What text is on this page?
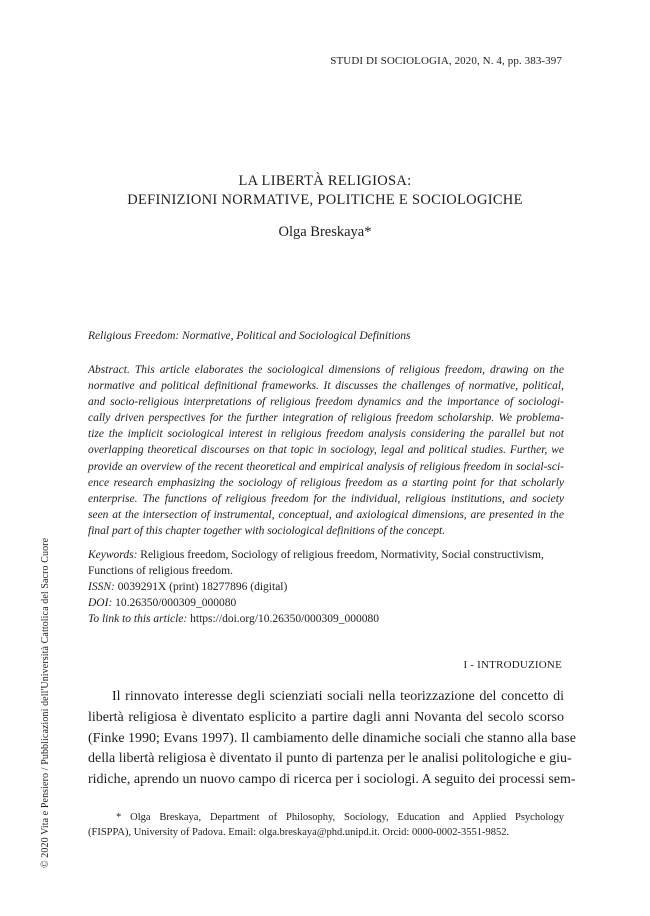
STUDI DI SOCIOLOGIA, 2020, N. 4, pp. 383-397
LA LIBERTÀ RELIGIOSA:
DEFINIZIONI NORMATIVE, POLITICHE E SOCIOLOGICHE
Olga Breskaya*
Religious Freedom: Normative, Political and Sociological Definitions
Abstract. This article elaborates the sociological dimensions of religious freedom, drawing on the
normative and political definitional frameworks. It discusses the challenges of normative, political,
and socio-religious interpretations of religious freedom dynamics and the importance of sociologi-
cally driven perspectives for the further integration of religious freedom scholarship. We problema-
tize the implicit sociological interest in religious freedom analysis considering the parallel but not
overlapping theoretical discourses on that topic in sociology, legal and political studies. Further, we
provide an overview of the recent theoretical and empirical analysis of religious freedom in social-sci-
ence research emphasizing the sociology of religious freedom as a starting point for that scholarly
enterprise. The functions of religious freedom for the individual, religious institutions, and society
seen at the intersection of instrumental, conceptual, and axiological dimensions, are presented in the
final part of this chapter together with sociological definitions of the concept.
Keywords: Religious freedom, Sociology of religious freedom, Normativity, Social constructivism,
Functions of religious freedom.
ISSN: 0039291X (print) 18277896 (digital)
DOI: 10.26350/000309_000080
To link to this article: https://doi.org/10.26350/000309_000080
I - INTRODUZIONE
Il rinnovato interesse degli scienziati sociali nella teorizzazione del concetto di
libertà religiosa è diventato esplicito a partire dagli anni Novanta del secolo scorso
(Finke 1990; Evans 1997). Il cambiamento delle dinamiche sociali che stanno alla base
della libertà religiosa è diventato il punto di partenza per le analisi politologiche e giu-
ridiche, aprendo un nuovo campo di ricerca per i sociologi. A seguito dei processi sem-
* Olga Breskaya, Department of Philosophy, Sociology, Education and Applied Psychology
(FISPPA), University of Padova. Email: olga.breskaya@phd.unipd.it. Orcid: 0000-0002-3551-9852.
© 2020 Vita e Pensiero / Pubblicazioni dell'Università Cattolica del Sacro Cuore
